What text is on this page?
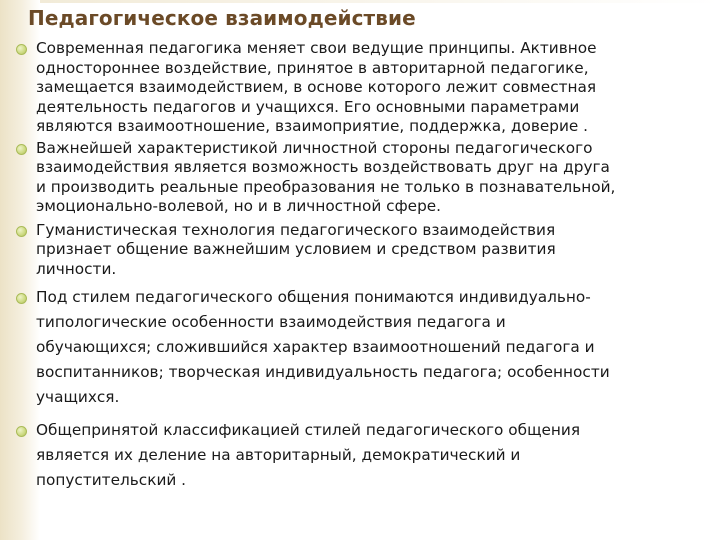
Педагогическое взаимодействие
Современная педагогика меняет свои ведущие принципы. Активное
одностороннее воздействие, принятое в авторитарной педагогике,
замещается взаимодействием, в основе которого лежит совместная
деятельность педагогов и учащихся. Его основными параметрами
являются взаимоотношение, взаимоприятие, поддержка, доверие .
Важнейшей характеристикой личностной стороны педагогического
взаимодействия является возможность воздействовать друг на друга
и производить реальные преобразования не только в познавательной,
эмоционально-волевой, но и в личностной сфере.
Гуманистическая технология педагогического взаимодействия
признает общение важнейшим условием и средством развития
личности.
Под стилем педагогического общения понимаются индивидуально-
типологические особенности взаимодействия педагога и
обучающихся; сложившийся характер взаимоотношений педагога и
воспитанников; творческая индивидуальность педагога; особенности
учащихся.
Общепринятой классификацией стилей педагогического общения
является их деление на авторитарный, демократический и
попустительский .
